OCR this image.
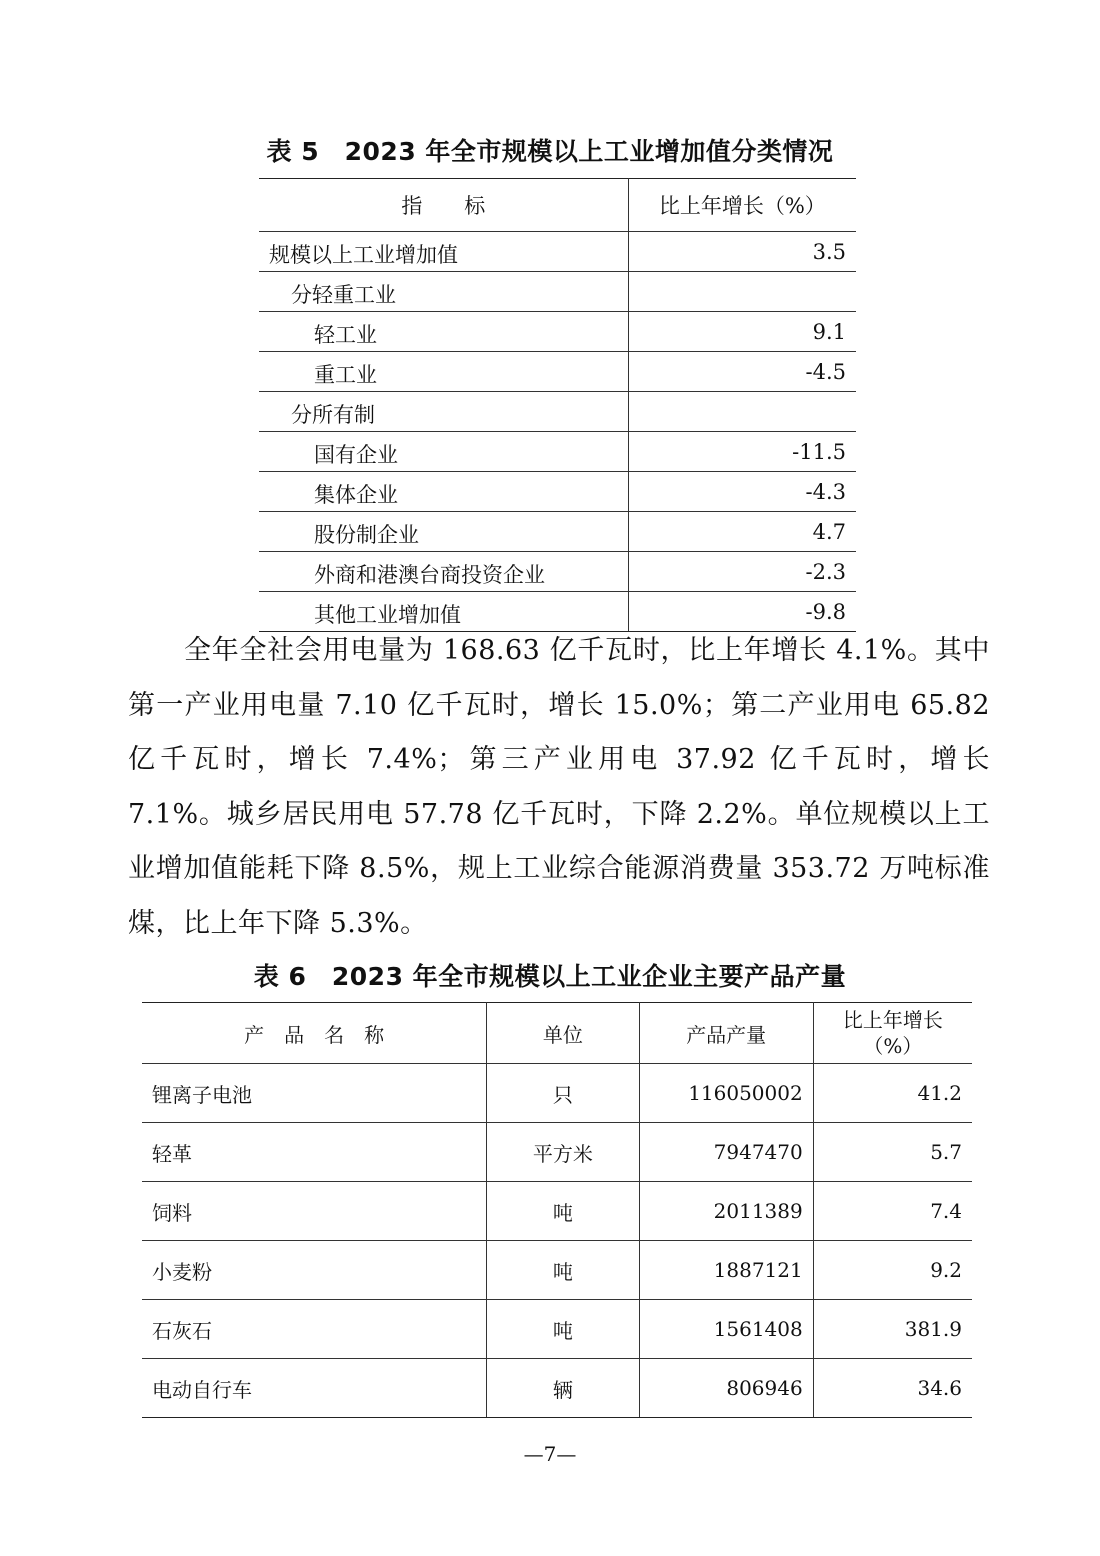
表 5　2023 年全市规模以上工业增加值分类情况
指　　标	比上年增长（%）
规模以上工业增加值	3.5
分轻重工业	
轻工业	9.1
重工业	-4.5
分所有制	
国有企业	-11.5
集体企业	-4.3
股份制企业	4.7
外商和港澳台商投资企业	-2.3
其他工业增加值	-9.8

全年全社会用电量为 168.63 亿千瓦时，比上年增长 4.1%。其中第一产业用电量 7.10 亿千瓦时，增长 15.0%；第二产业用电 65.82 亿千瓦时，增长 7.4%；第三产业用电 37.92 亿千瓦时，增长 7.1%。城乡居民用电 57.78 亿千瓦时，下降 2.2%。单位规模以上工业增加值能耗下降 8.5%，规上工业综合能源消费量 353.72 万吨标准煤，比上年下降 5.3%。

表 6　2023 年全市规模以上工业企业主要产品产量
产　品　名　称	单位	产品产量	比上年增长
（%）
锂离子电池	只	116050002	41.2
轻革	平方米	7947470	5.7
饲料	吨	2011389	7.4
小麦粉	吨	1887121	9.2
石灰石	吨	1561408	381.9
电动自行车	辆	806946	34.6
—7—
